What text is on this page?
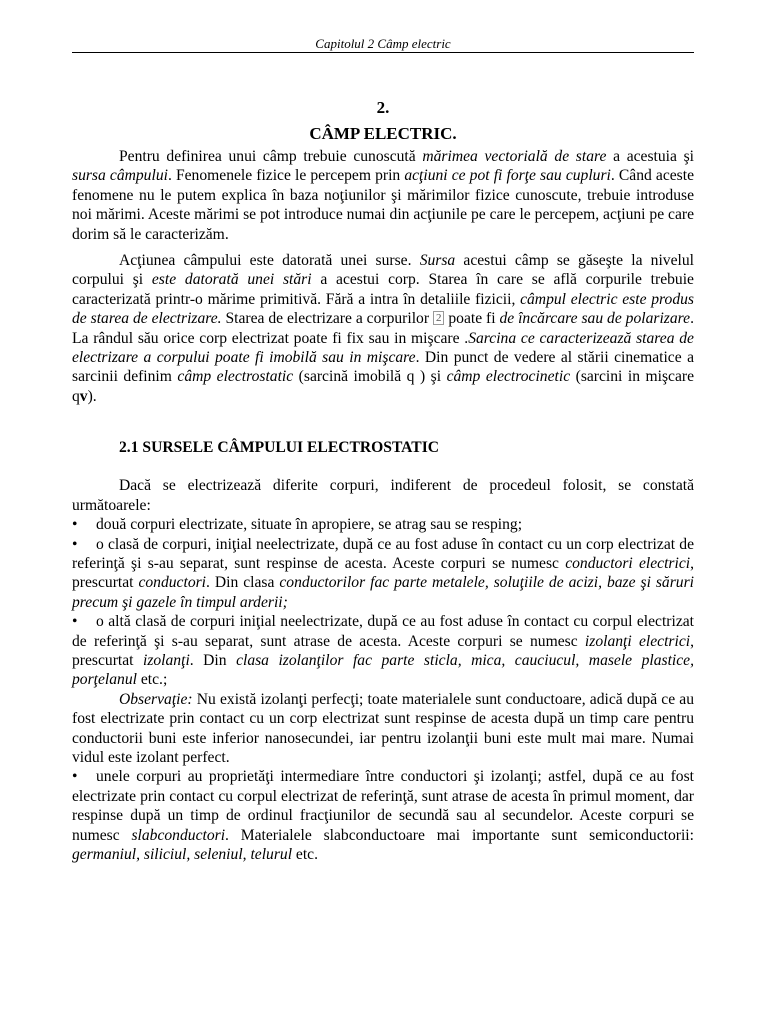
Capitolul 2 Câmp electric
2.
CÂMP ELECTRIC.

Pentru definirea unui câmp trebuie cunoscută mărimea vectorială de stare a acestuia şi sursa câmpului. Fenomenele fizice le percepem prin acţiuni ce pot fi forţe sau cupluri. Când aceste fenomene nu le putem explica în baza noţiunilor şi mărimilor fizice cunoscute, trebuie introduse noi mărimi. Aceste mărimi se pot introduce numai din acţiunile pe care le percepem, acţiuni pe care dorim să le caracterizăm.

Acţiunea câmpului este datorată unei surse. Sursa acestui câmp se găseşte la nivelul corpului şi este datorată unei stări a acestui corp. Starea în care se află corpurile trebuie caracterizată printr-o mărime primitivă. Fără a intra în detaliile fizicii, câmpul electric este produs de starea de electrizare. Starea de electrizare a corpurilor 2 poate fi de încărcare sau de polarizare. La rândul său orice corp electrizat poate fi fix sau in mişcare .Sarcina ce caracterizează starea de electrizare a corpului poate fi imobilă sau in mişcare. Din punct de vedere al stării cinematice a sarcinii definim câmp electrostatic (sarcină imobilă q ) şi câmp electrocinetic (sarcini in mişcare qv).

2.1 SURSELE CÂMPULUI ELECTROSTATIC

Dacă se electrizează diferite corpuri, indiferent de procedeul folosit, se constată următoarele:

• două corpuri electrizate, situate în apropiere, se atrag sau se resping;

• o clasă de corpuri, iniţial neelectrizate, după ce au fost aduse în contact cu un corp electrizat de referinţă şi s-au separat, sunt respinse de acesta. Aceste corpuri se numesc conductori electrici, prescurtat conductori. Din clasa conductorilor fac parte metalele, soluţiile de acizi, baze şi săruri precum şi gazele în timpul arderii;

• o altă clasă de corpuri iniţial neelectrizate, după ce au fost aduse în contact cu corpul electrizat de referinţă şi s-au separat, sunt atrase de acesta. Aceste corpuri se numesc izolanţi electrici, prescurtat izolanţi. Din clasa izolanţilor fac parte sticla, mica, cauciucul, masele plastice, porţelanul etc.;

Observaţie: Nu există izolanţi perfecţi; toate materialele sunt conductoare, adică după ce au fost electrizate prin contact cu un corp electrizat sunt respinse de acesta după un timp care pentru conductorii buni este inferior nanosecundei, iar pentru izolanţii buni este mult mai mare. Numai vidul este izolant perfect.

• unele corpuri au proprietăţi intermediare între conductori şi izolanţi; astfel, după ce au fost electrizate prin contact cu corpul electrizat de referinţă, sunt atrase de acesta în primul moment, dar respinse după un timp de ordinul fracţiunilor de secundă sau al secundelor. Aceste corpuri se numesc slabconductori. Materialele slabconductoare mai importante sunt semiconductorii: germaniul, siliciul, seleniul, telurul etc.
